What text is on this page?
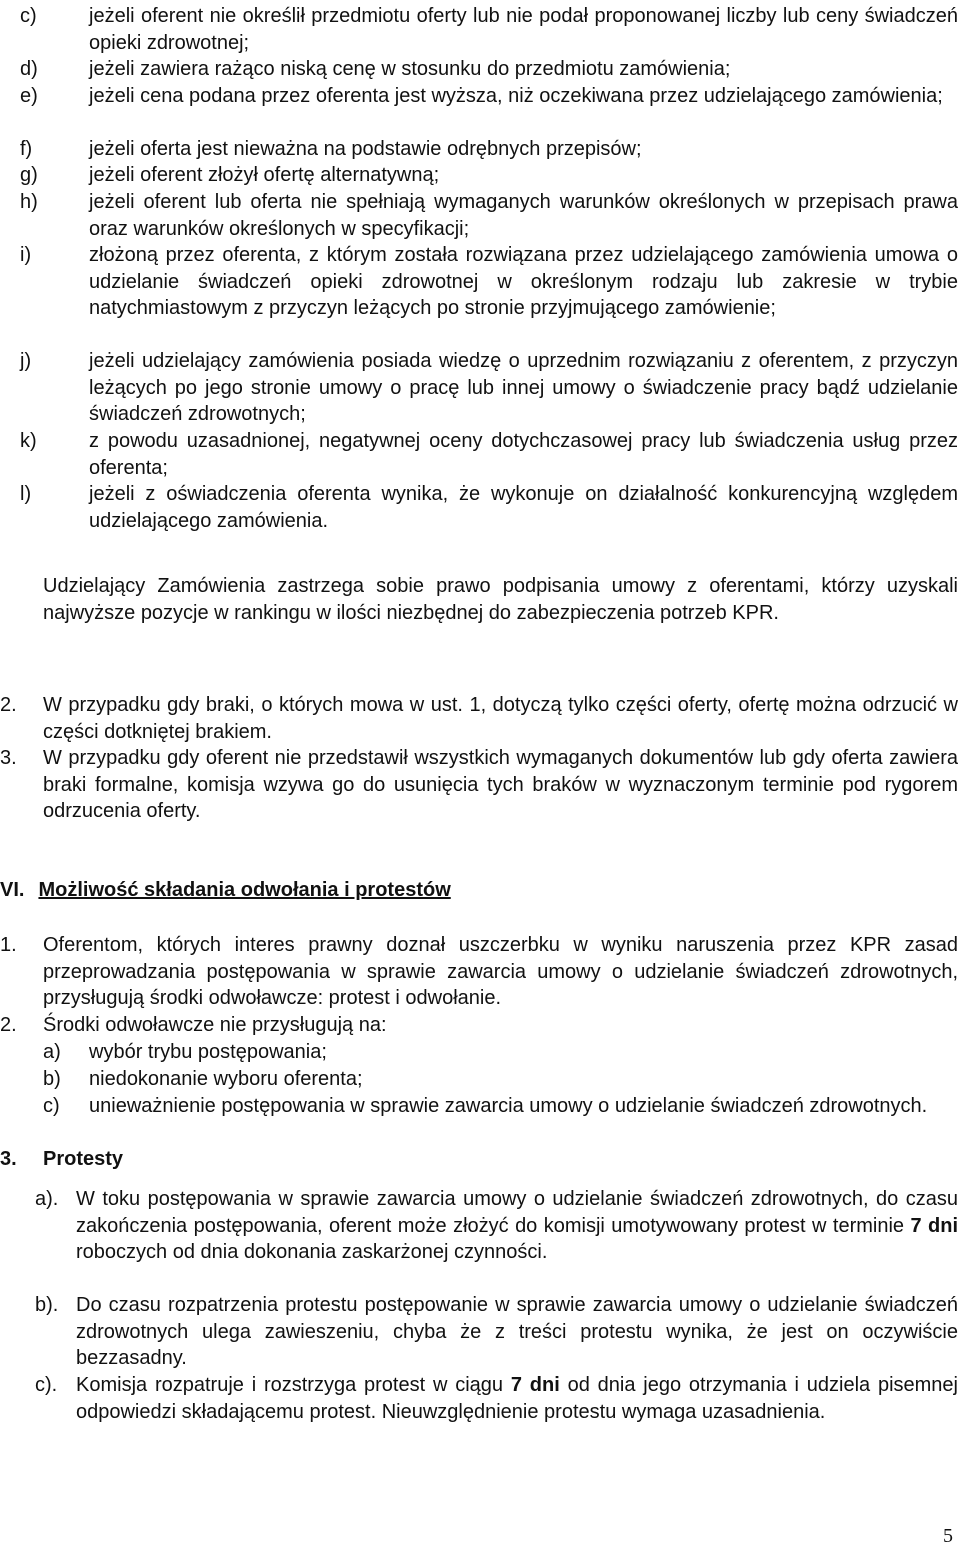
c)	jeżeli oferent nie określił przedmiotu oferty lub nie podał proponowanej liczby lub ceny świadczeń opieki zdrowotnej;
d)	jeżeli zawiera rażąco niską cenę w stosunku do przedmiotu zamówienia;
e)	jeżeli cena podana przez oferenta jest wyższa, niż oczekiwana przez udzielającego zamówienia;
f)	jeżeli oferta jest nieważna na podstawie odrębnych przepisów;
g)	jeżeli oferent złożył ofertę alternatywną;
h)	jeżeli oferent lub oferta nie spełniają wymaganych warunków określonych w przepisach prawa oraz warunków określonych w specyfikacji;
i)	złożoną przez oferenta, z którym została rozwiązana przez udzielającego zamówienia umowa o udzielanie świadczeń opieki zdrowotnej w określonym rodzaju lub zakresie w trybie natychmiastowym z przyczyn leżących po stronie przyjmującego zamówienie;
j)	jeżeli udzielający zamówienia posiada wiedzę o uprzednim rozwiązaniu z oferentem, z przyczyn leżących po jego stronie umowy o pracę lub innej umowy o świadczenie pracy bądź udzielanie świadczeń zdrowotnych;
k)	z powodu uzasadnionej, negatywnej oceny dotychczasowej pracy lub świadczenia usług przez oferenta;
l)	jeżeli z oświadczenia oferenta wynika, że wykonuje on działalność konkurencyjną względem udzielającego zamówienia.
Udzielający Zamówienia zastrzega sobie prawo podpisania umowy z oferentami, którzy uzyskali najwyższe pozycje w rankingu w ilości niezbędnej do zabezpieczenia potrzeb KPR.
2. W przypadku gdy braki, o których mowa w ust. 1, dotyczą tylko części oferty, ofertę można odrzucić w części dotkniętej brakiem.
3. W przypadku gdy oferent nie przedstawił wszystkich wymaganych dokumentów lub gdy oferta zawiera braki formalne, komisja wzywa go do usunięcia tych braków w wyznaczonym terminie pod rygorem odrzucenia oferty.
VI. Możliwość składania odwołania i protestów
1. Oferentom, których interes prawny doznał uszczerbku w wyniku naruszenia przez KPR zasad przeprowadzania postępowania w sprawie zawarcia umowy o udzielanie świadczeń zdrowotnych, przysługują środki odwoławcze: protest i odwołanie.
2. Środki odwoławcze nie przysługują na:
a) wybór trybu postępowania;
b) niedokonanie wyboru oferenta;
c) unieważnienie postępowania w sprawie zawarcia umowy o udzielanie świadczeń zdrowotnych.
3. Protesty
a). W toku postępowania w sprawie zawarcia umowy o udzielanie świadczeń zdrowotnych, do czasu zakończenia postępowania, oferent może złożyć do komisji umotywowany protest w terminie 7 dni roboczych od dnia dokonania zaskarżonej czynności.
b). Do czasu rozpatrzenia protestu postępowanie w sprawie zawarcia umowy o udzielanie świadczeń zdrowotnych ulega zawieszeniu, chyba że z treści protestu wynika, że jest on oczywiście bezzasadny.
c). Komisja rozpatruje i rozstrzyga protest w ciągu 7 dni od dnia jego otrzymania i udziela pisemnej odpowiedzi składającemu protest. Nieuwzględnienie protestu wymaga uzasadnienia.
5
